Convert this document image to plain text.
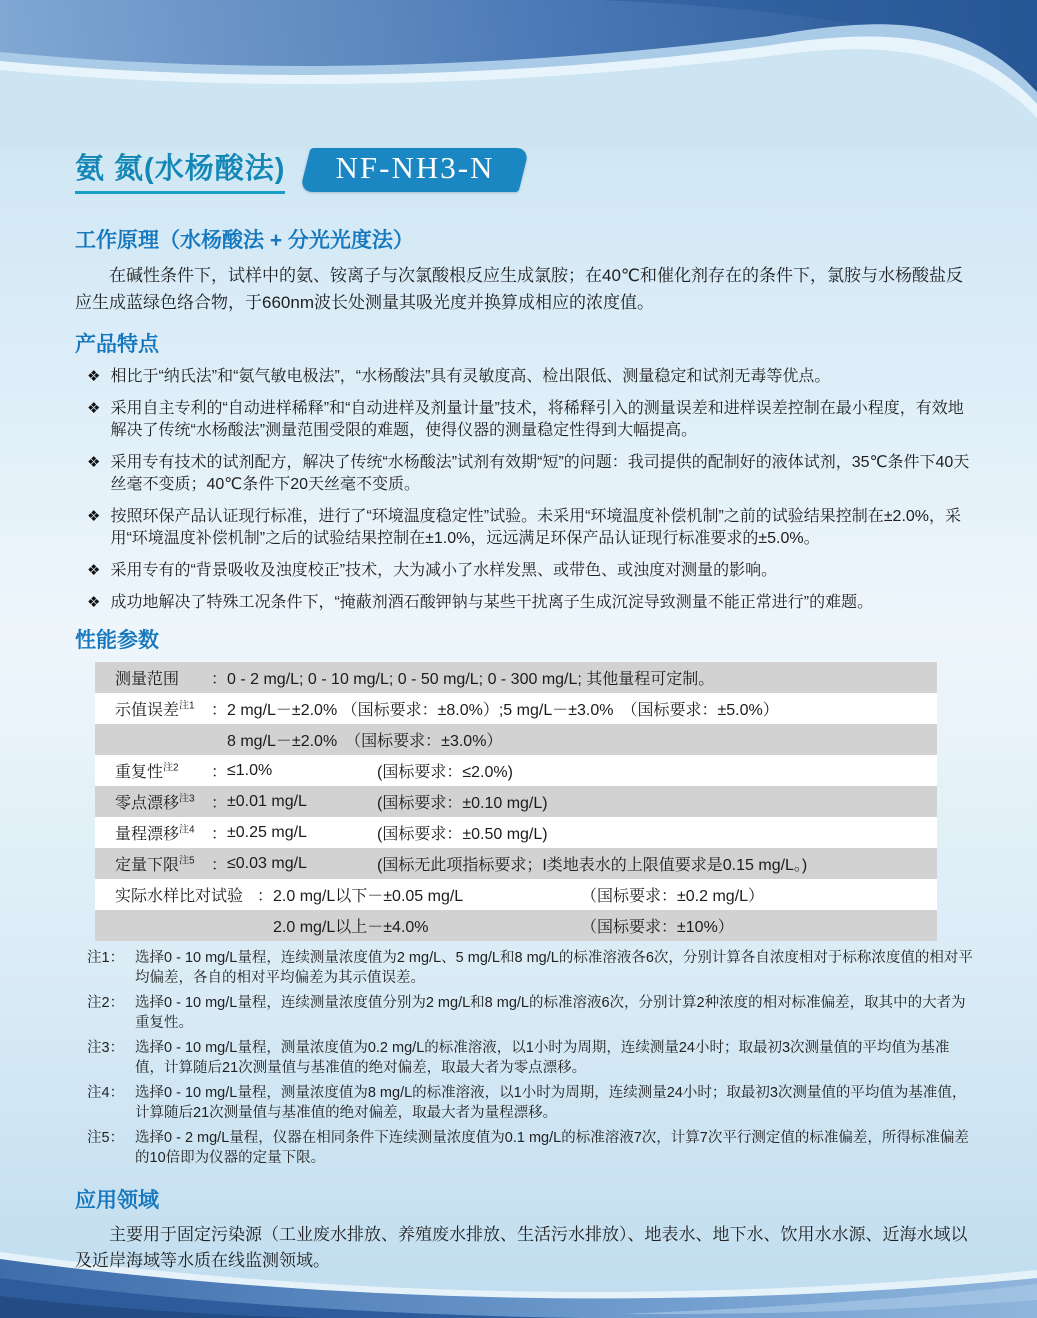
氨 氮(水杨酸法)	NF-NH3-N
工作原理（水杨酸法 + 分光光度法）

在碱性条件下，试样中的氨、铵离子与次氯酸根反应生成氯胺；在40℃和催化剂存在的条件下，氯胺与水杨酸盐反应生成蓝绿色络合物，于660nm波长处测量其吸光度并换算成相应的浓度值。

产品特点
❖ 相比于“纳氏法”和“氨气敏电极法”，“水杨酸法”具有灵敏度高、检出限低、测量稳定和试剂无毒等优点。
❖ 采用自主专利的“自动进样稀释”和“自动进样及剂量计量”技术，将稀释引入的测量误差和进样误差控制在最小程度，有效地解决了传统“水杨酸法”测量范围受限的难题，使得仪器的测量稳定性得到大幅提高。
❖ 采用专有技术的试剂配方，解决了传统“水杨酸法”试剂有效期“短”的问题：我司提供的配制好的液体试剂，35℃条件下40天丝毫不变质；40℃条件下20天丝毫不变质。
❖ 按照环保产品认证现行标准，进行了“环境温度稳定性”试验。未采用“环境温度补偿机制”之前的试验结果控制在±2.0%，采用“环境温度补偿机制”之后的试验结果控制在±1.0%，远远满足环保产品认证现行标准要求的±5.0%。
❖ 采用专有的“背景吸收及浊度校正”技术，大为减小了水样发黑、或带色、或浊度对测量的影响。
❖ 成功地解决了特殊工况条件下，“掩蔽剂酒石酸钾钠与某些干扰离子生成沉淀导致测量不能正常进行”的难题。
性能参数
测量范围 ： 0 - 2 mg/L; 0 - 10 mg/L; 0 - 50 mg/L; 0 - 300 mg/L; 其他量程可定制。
示值误差$^{注1}$ ： 2 mg/L－±2.0% （国标要求：±8.0%）;5 mg/L－±3.0% （国标要求：±5.0%）
8 mg/L－±2.0% （国标要求：±3.0%）
重复性$^{注2}$ ： ≤1.0%	(国标要求：≤2.0%)
零点漂移$^{注3}$ ： ±0.01 mg/L	(国标要求：±0.10 mg/L)
量程漂移$^{注4}$ ： ±0.25 mg/L	(国标要求：±0.50 mg/L)
定量下限$^{注5}$ ： ≤0.03 mg/L	(国标无此项指标要求；I类地表水的上限值要求是0.15 mg/L。)
实际水样比对试验 ： 2.0 mg/L以下－±0.05 mg/L	（国标要求：±0.2 mg/L）
2.0 mg/L以上－±4.0%	（国标要求：±10%）
注1： 选择0 - 10 mg/L量程，连续测量浓度值为2 mg/L、5 mg/L和8 mg/L的标准溶液各6次，分别计算各自浓度相对于标称浓度值的相对平均偏差，各自的相对平均偏差为其示值误差。
注2： 选择0 - 10 mg/L量程，连续测量浓度值分别为2 mg/L和8 mg/L的标准溶液6次，分别计算2种浓度的相对标准偏差，取其中的大者为重复性。
注3： 选择0 - 10 mg/L量程，测量浓度值为0.2 mg/L的标准溶液，以1小时为周期，连续测量24小时；取最初3次测量值的平均值为基准值，计算随后21次测量值与基准值的绝对偏差，取最大者为零点漂移。
注4： 选择0 - 10 mg/L量程，测量浓度值为8 mg/L的标准溶液，以1小时为周期，连续测量24小时；取最初3次测量值的平均值为基准值，计算随后21次测量值与基准值的绝对偏差，取最大者为量程漂移。
注5： 选择0 - 2 mg/L量程，仪器在相同条件下连续测量浓度值为0.1 mg/L的标准溶液7次，计算7次平行测定值的标准偏差，所得标准偏差的10倍即为仪器的定量下限。
应用领域

主要用于固定污染源（工业废水排放、养殖废水排放、生活污水排放）、地表水、地下水、饮用水水源、近海水域以及近岸海域等水质在线监测领域。
